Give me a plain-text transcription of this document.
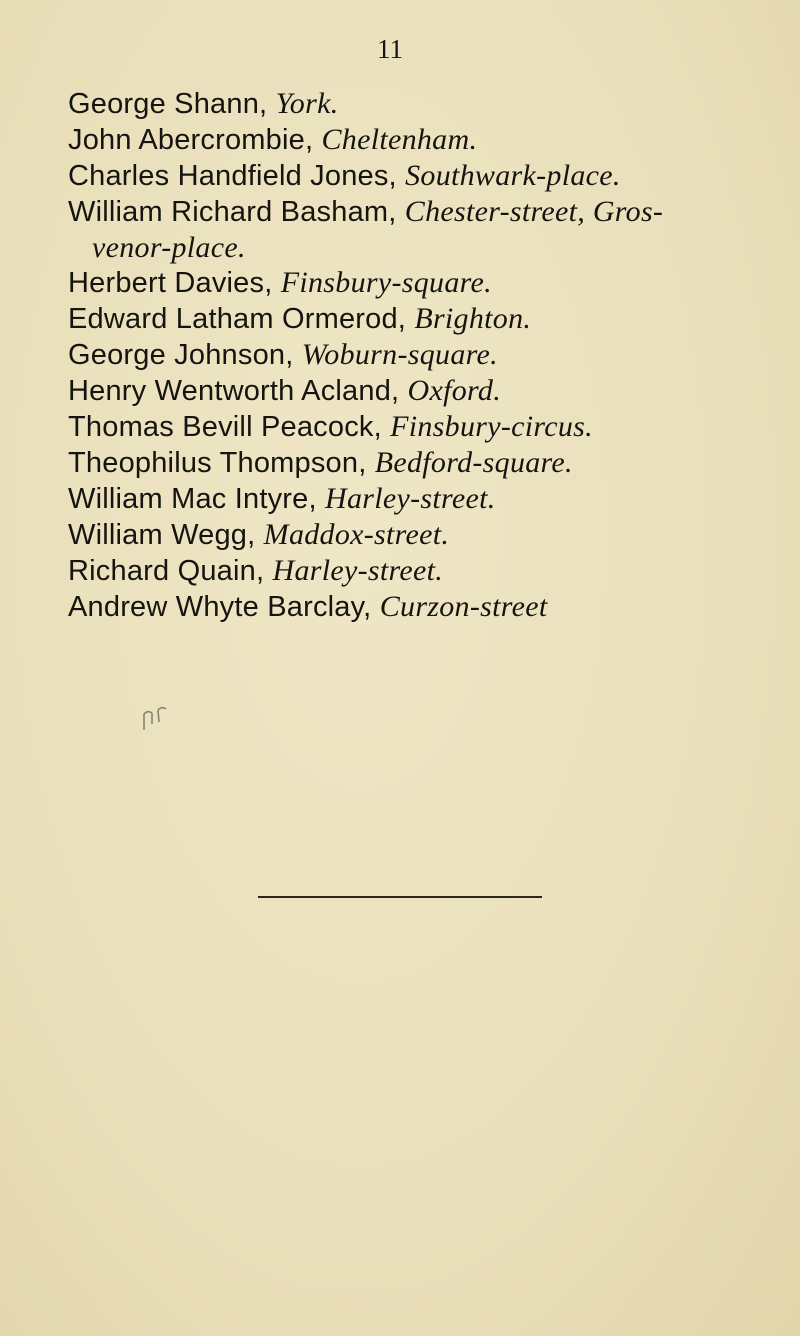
11
George Shann, York.
John Abercrombie, Cheltenham.
Charles Handfield Jones, Southwark-place.
William Richard Basham, Chester-street, Gros-
venor-place.
Herbert Davies, Finsbury-square.
Edward Latham Ormerod, Brighton.
George Johnson, Woburn-square.
Henry Wentworth Acland, Oxford.
Thomas Bevill Peacock, Finsbury-circus.
Theophilus Thompson, Bedford-square.
William Mac Intyre, Harley-street.
William Wegg, Maddox-street.
Richard Quain, Harley-street.
Andrew Whyte Barclay, Curzon-street
